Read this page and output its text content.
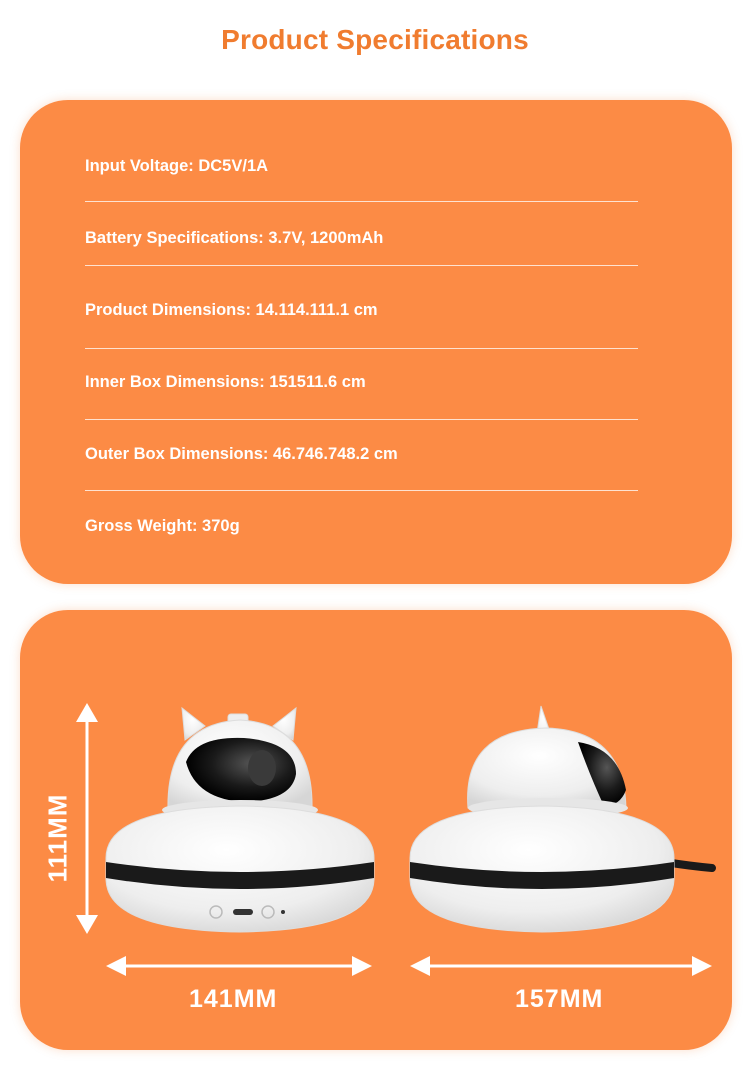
Product Specifications
Input Voltage: DC5V/1A
Battery Specifications: 3.7V, 1200mAh
Product Dimensions: 14.114.111.1 cm
Inner Box Dimensions: 151511.6 cm
Outer Box Dimensions: 46.746.748.2 cm
Gross Weight: 370g
111MM
141MM	157MM
